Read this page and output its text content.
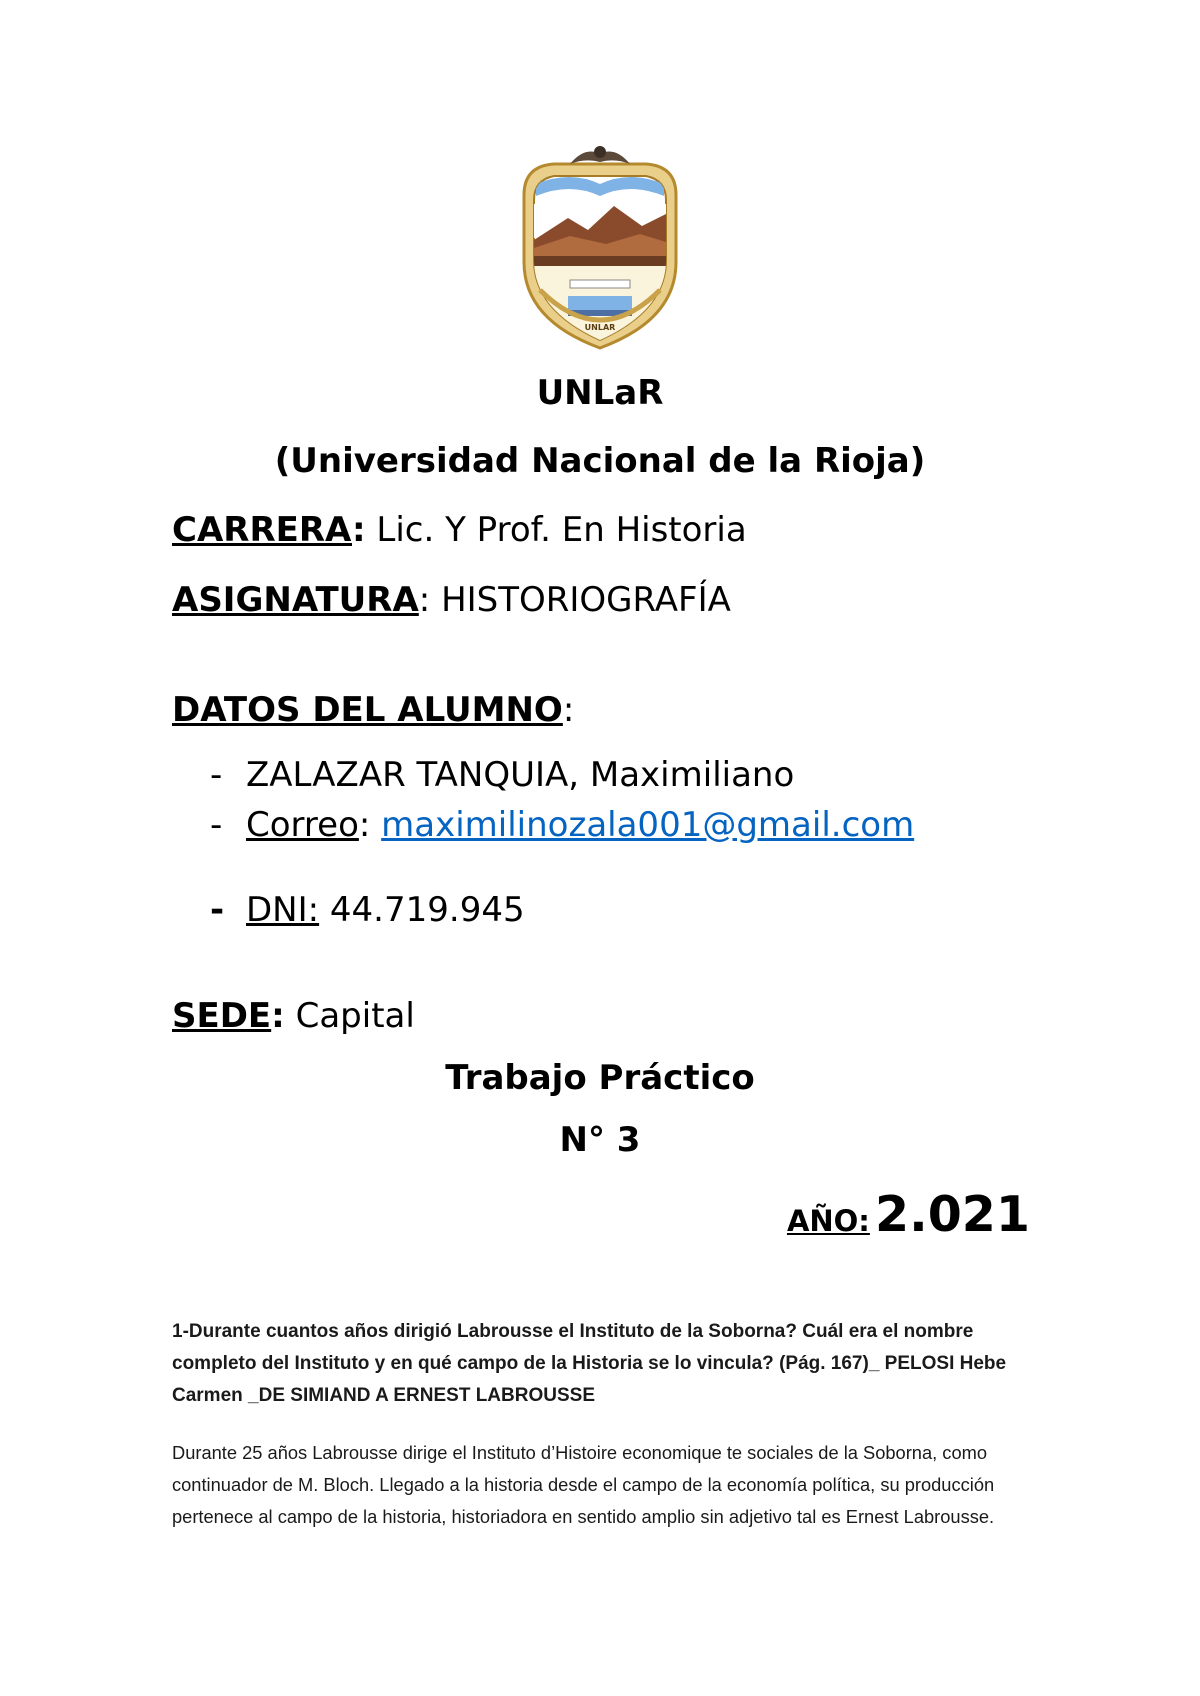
UNLAR
UNLaR
(Universidad Nacional de la Rioja)
CARRERA: Lic. Y Prof. En Historia
ASIGNATURA: HISTORIOGRAFÍA
DATOS DEL ALUMNO:
- ZALAZAR TANQUIA, Maximiliano
- Correo: maximilinozala001@gmail.com
- DNI: 44.719.945
SEDE: Capital
Trabajo Práctico
N° 3
AÑO: 2.021
1-Durante cuantos años dirigió Labrousse el Instituto de la Soborna? Cuál era el nombre completo del Instituto y en qué campo de la Historia se lo vincula? (Pág. 167)_ PELOSI Hebe Carmen _DE SIMIAND A ERNEST LABROUSSE
Durante 25 años Labrousse dirige el Instituto d’Histoire economique te sociales de la Soborna, como continuador de M. Bloch. Llegado a la historia desde el campo de la economía política, su producción pertenece al campo de la historia, historiadora en sentido amplio sin adjetivo tal es Ernest Labrousse.
